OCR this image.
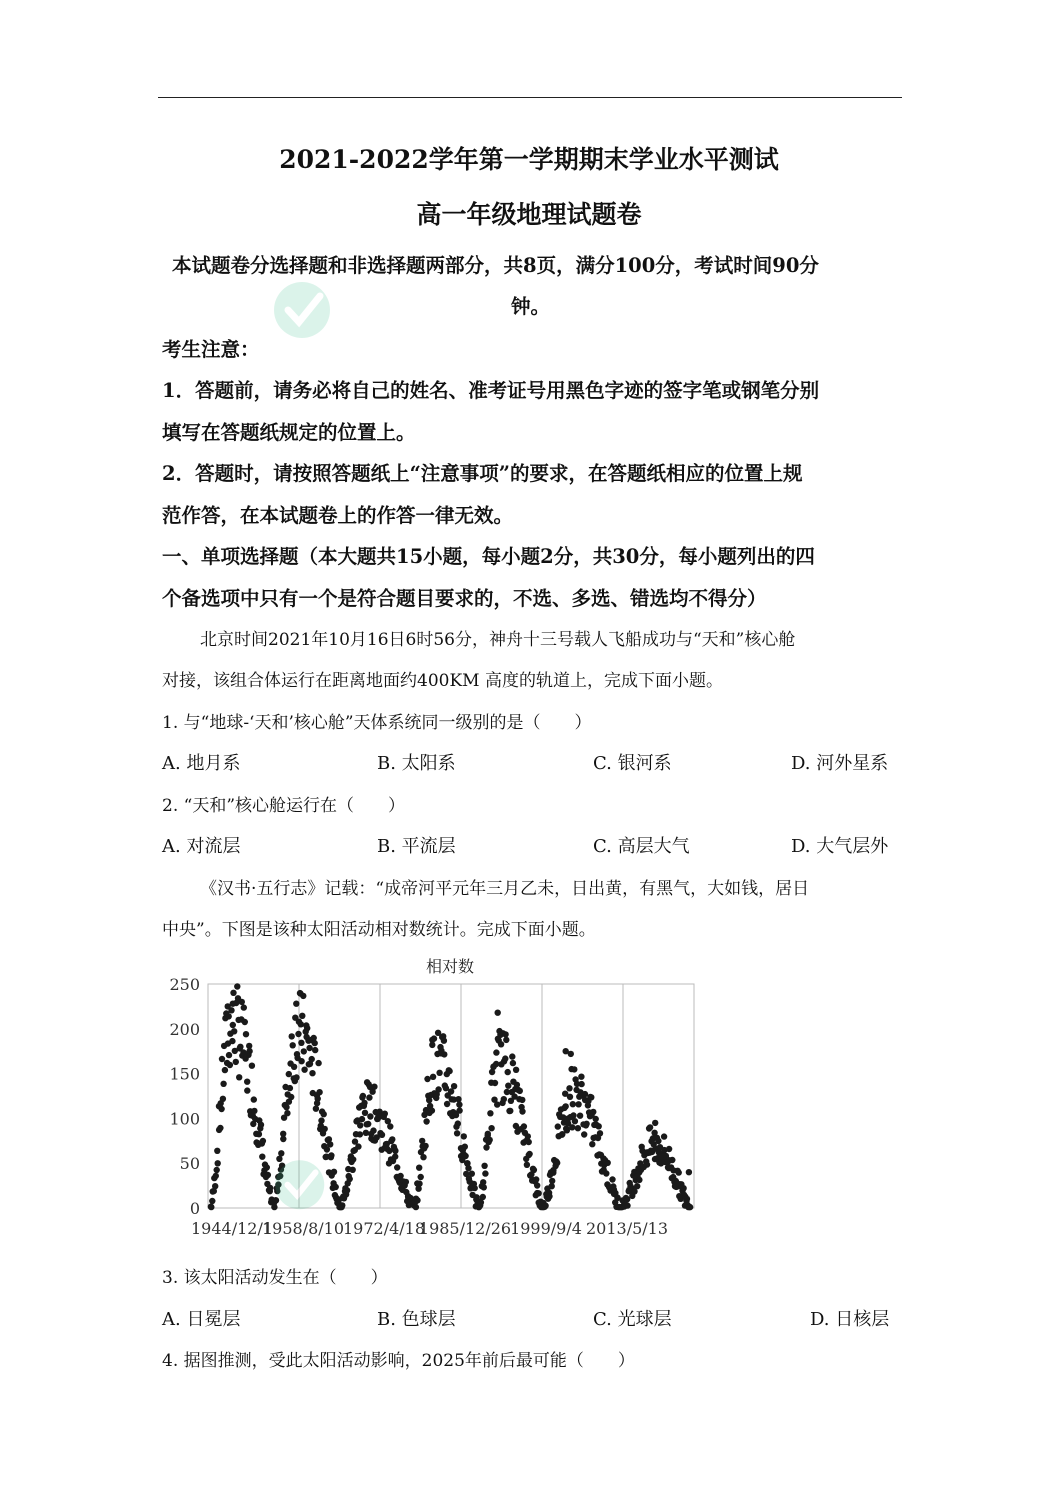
2021-2022学年第一学期期末学业水平测试
高一年级地理试题卷
本试题卷分选择题和非选择题两部分，共8页，满分100分，考试时间90分
钟。
考生注意：
1．答题前，请务必将自己的姓名、准考证号用黑色字迹的签字笔或钢笔分别
填写在答题纸规定的位置上。
2．答题时，请按照答题纸上“注意事项”的要求，在答题纸相应的位置上规
范作答，在本试题卷上的作答一律无效。
一、单项选择题（本大题共15小题，每小题2分，共30分，每小题列出的四
个备选项中只有一个是符合题目要求的，不选、多选、错选均不得分）
北京时间2021年10月16日6时56分，神舟十三号载人飞船成功与“天和”核心舱
对接，该组合体运行在距离地面约400KM 高度的轨道上，完成下面小题。
1. 与“地球-‘天和’核心舱”天体系统同一级别的是（　　）
A. 地月系	B. 太阳系	C. 银河系	D. 河外星系
2. “天和”核心舱运行在（　　）
A. 对流层	B. 平流层	C. 高层大气	D. 大气层外
《汉书·五行志》记载：“成帝河平元年三月乙未，日出黄，有黑气，大如钱，居日
中央”。下图是该种太阳活动相对数统计。完成下面小题。
0
50
100
150
200
250
1944/12/1
1958/8/10
1972/4/18
1985/12/26
1999/9/4 2013/5/13
相对数
3. 该太阳活动发生在（　　）
A. 日冕层	B. 色球层	C. 光球层	D. 日核层
4. 据图推测，受此太阳活动影响，2025年前后最可能（　　）
